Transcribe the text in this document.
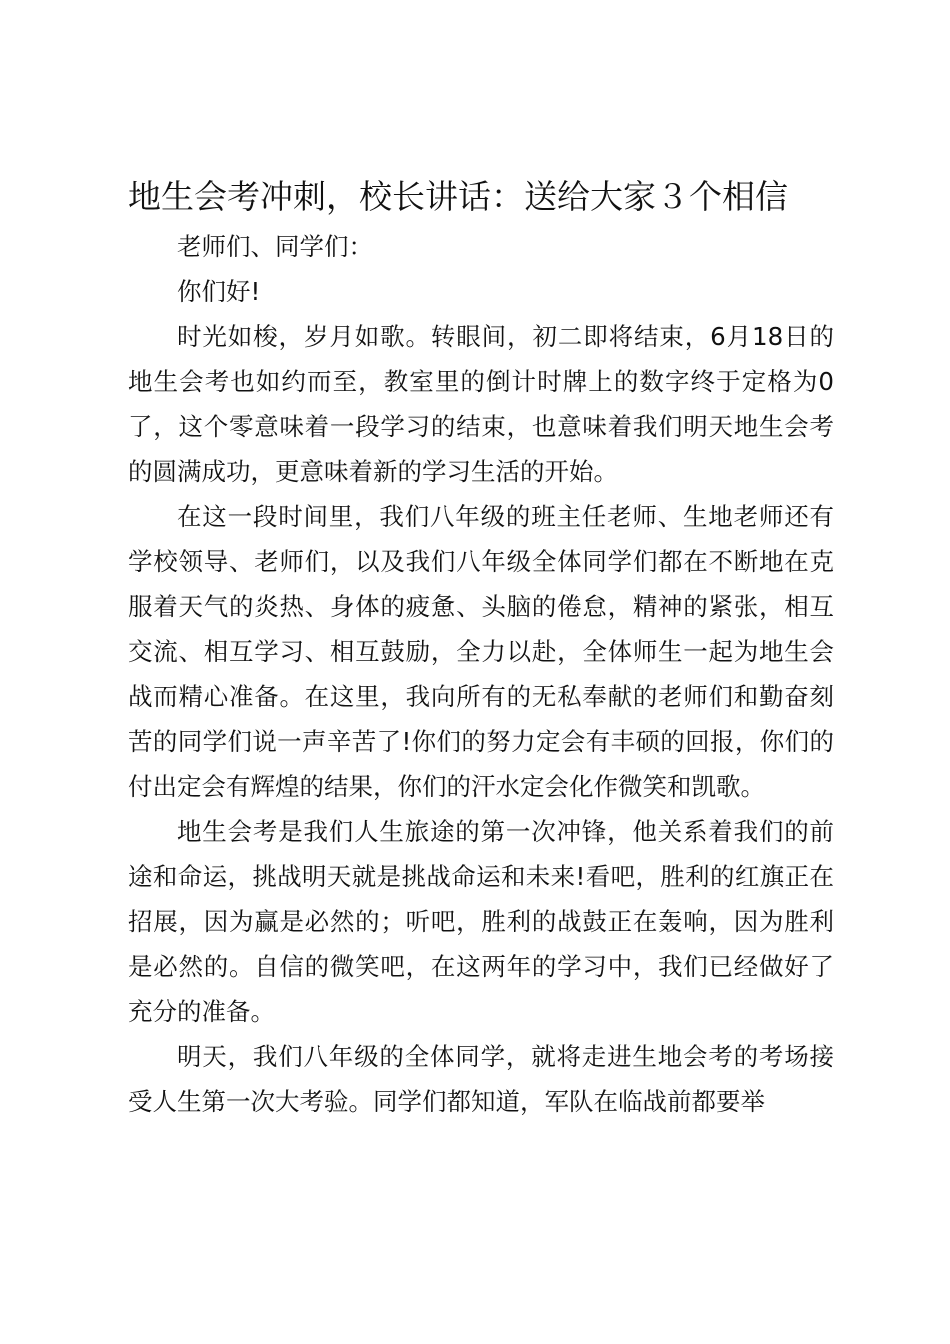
地生会考冲刺，校长讲话：送给大家３个相信

老师们、同学们：

你们好!

时光如梭，岁月如歌。转眼间，初二即将结束，6月18日的地生会考也如约而至，教室里的倒计时牌上的数字终于定格为0了，这个零意味着一段学习的结束，也意味着我们明天地生会考的圆满成功，更意味着新的学习生活的开始。

在这一段时间里，我们八年级的班主任老师、生地老师还有学校领导、老师们，以及我们八年级全体同学们都在不断地在克服着天气的炎热、身体的疲惫、头脑的倦怠，精神的紧张，相互交流、相互学习、相互鼓励，全力以赴，全体师生一起为地生会战而精心准备。在这里，我向所有的无私奉献的老师们和勤奋刻苦的同学们说一声辛苦了!你们的努力定会有丰硕的回报，你们的付出定会有辉煌的结果，你们的汗水定会化作微笑和凯歌。

地生会考是我们人生旅途的第一次冲锋，他关系着我们的前途和命运，挑战明天就是挑战命运和未来!看吧，胜利的红旗正在招展，因为赢是必然的；听吧，胜利的战鼓正在轰响，因为胜利是必然的。自信的微笑吧，在这两年的学习中，我们已经做好了充分的准备。

明天，我们八年级的全体同学，就将走进生地会考的考场接受人生第一次大考验。同学们都知道，军队在临战前都要举
